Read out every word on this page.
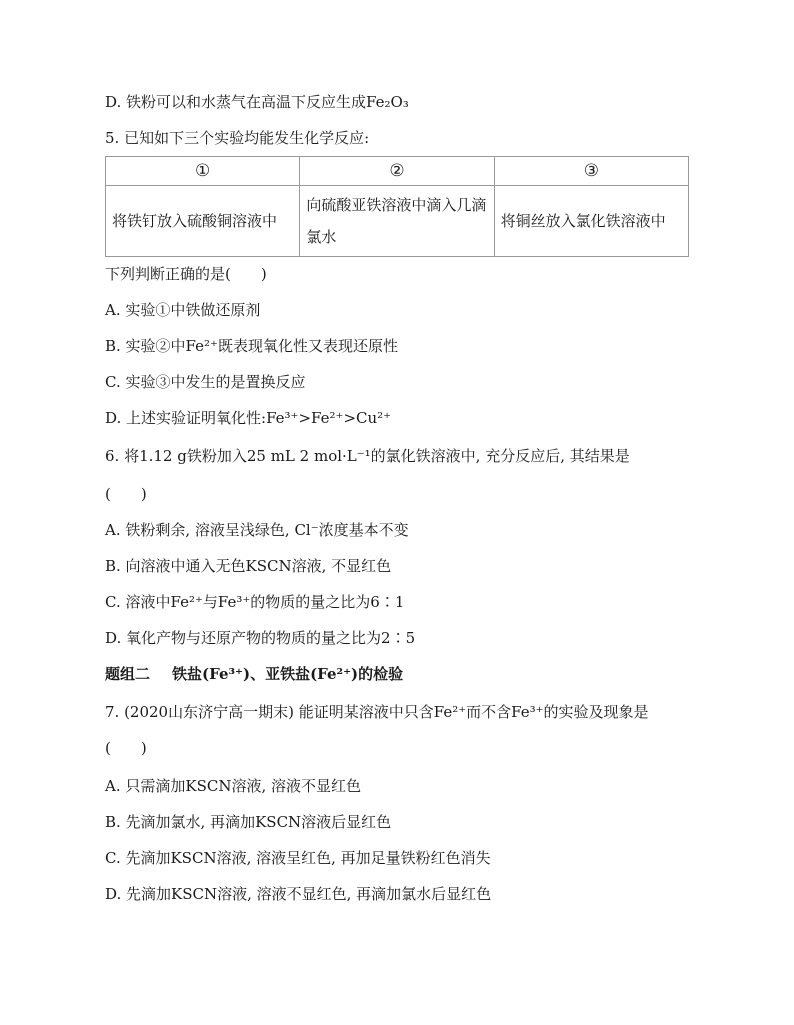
D. 铁粉可以和水蒸气在高温下反应生成Fe₂O₃
5. 已知如下三个实验均能发生化学反应:
①	②	③
将铁钉放入硫酸铜溶液中	向硫酸亚铁溶液中滴入几滴氯水	将铜丝放入氯化铁溶液中
下列判断正确的是(　　)
A. 实验①中铁做还原剂
B. 实验②中Fe²⁺既表现氧化性又表现还原性
C. 实验③中发生的是置换反应
D. 上述实验证明氧化性:Fe³⁺>Fe²⁺>Cu²⁺
6. 将1.12 g铁粉加入25 mL 2 mol·L⁻¹的氯化铁溶液中, 充分反应后, 其结果是
(　　)
A. 铁粉剩余, 溶液呈浅绿色, Cl⁻浓度基本不变
B. 向溶液中通入无色KSCN溶液, 不显红色
C. 溶液中Fe²⁺与Fe³⁺的物质的量之比为6∶1
D. 氧化产物与还原产物的物质的量之比为2∶5
题组二 铁盐(Fe³⁺)、亚铁盐(Fe²⁺)的检验
7. (2020山东济宁高一期末) 能证明某溶液中只含Fe²⁺而不含Fe³⁺的实验及现象是
(　　)
A. 只需滴加KSCN溶液, 溶液不显红色
B. 先滴加氯水, 再滴加KSCN溶液后显红色
C. 先滴加KSCN溶液, 溶液呈红色, 再加足量铁粉红色消失
D. 先滴加KSCN溶液, 溶液不显红色, 再滴加氯水后显红色
